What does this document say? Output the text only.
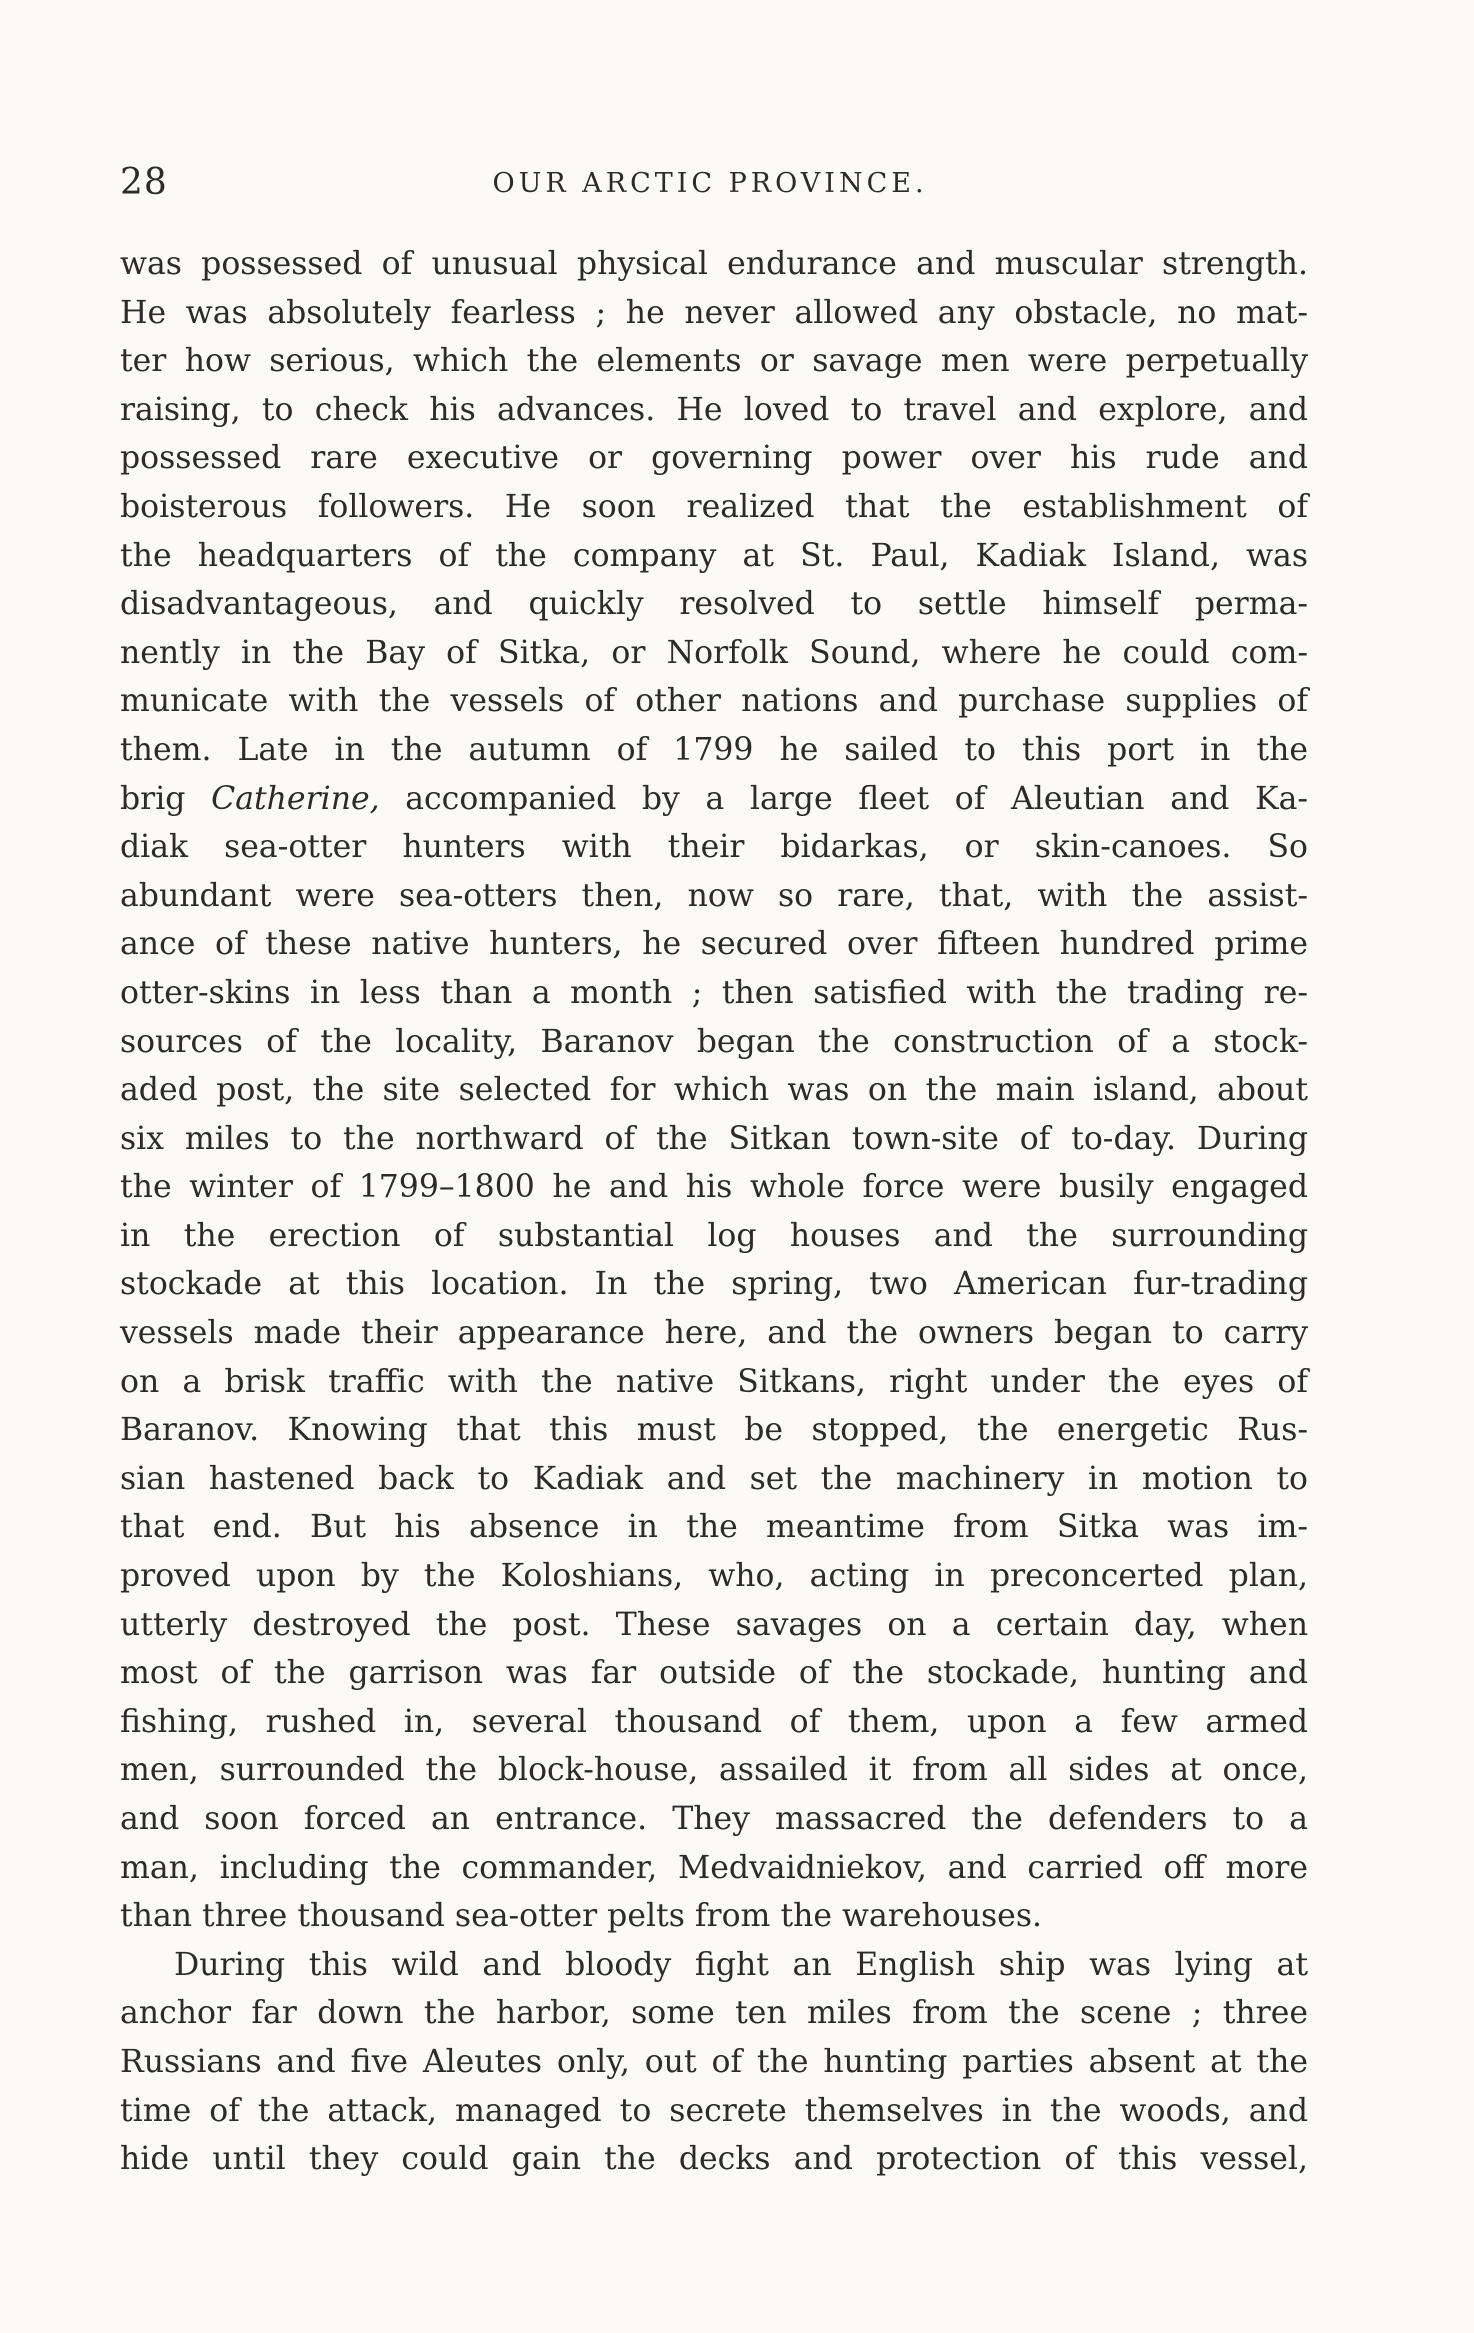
28	OUR ARCTIC PROVINCE.
was possessed of unusual physical endurance and muscular strength.
He was absolutely fearless ; he never allowed any obstacle, no mat-
ter how serious, which the elements or savage men were perpetually
raising, to check his advances. He loved to travel and explore, and
possessed rare executive or governing power over his rude and
boisterous followers. He soon realized that the establishment of
the headquarters of the company at St. Paul, Kadiak Island, was
disadvantageous, and quickly resolved to settle himself perma-
nently in the Bay of Sitka, or Norfolk Sound, where he could com-
municate with the vessels of other nations and purchase supplies of
them. Late in the autumn of 1799 he sailed to this port in the
brig Catherine, accompanied by a large fleet of Aleutian and Ka-
diak sea-otter hunters with their bidarkas, or skin-canoes. So
abundant were sea-otters then, now so rare, that, with the assist-
ance of these native hunters, he secured over fifteen hundred prime
otter-skins in less than a month ; then satisfied with the trading re-
sources of the locality, Baranov began the construction of a stock-
aded post, the site selected for which was on the main island, about
six miles to the northward of the Sitkan town-site of to-day. During
the winter of 1799–1800 he and his whole force were busily engaged
in the erection of substantial log houses and the surrounding
stockade at this location. In the spring, two American fur-trading
vessels made their appearance here, and the owners began to carry
on a brisk traffic with the native Sitkans, right under the eyes of
Baranov. Knowing that this must be stopped, the energetic Rus-
sian hastened back to Kadiak and set the machinery in motion to
that end. But his absence in the meantime from Sitka was im-
proved upon by the Koloshians, who, acting in preconcerted plan,
utterly destroyed the post. These savages on a certain day, when
most of the garrison was far outside of the stockade, hunting and
fishing, rushed in, several thousand of them, upon a few armed
men, surrounded the block-house, assailed it from all sides at once,
and soon forced an entrance. They massacred the defenders to a
man, including the commander, Medvaidniekov, and carried off more
than three thousand sea-otter pelts from the warehouses.
During this wild and bloody fight an English ship was lying at
anchor far down the harbor, some ten miles from the scene ; three
Russians and five Aleutes only, out of the hunting parties absent at the
time of the attack, managed to secrete themselves in the woods, and
hide until they could gain the decks and protection of this vessel,
